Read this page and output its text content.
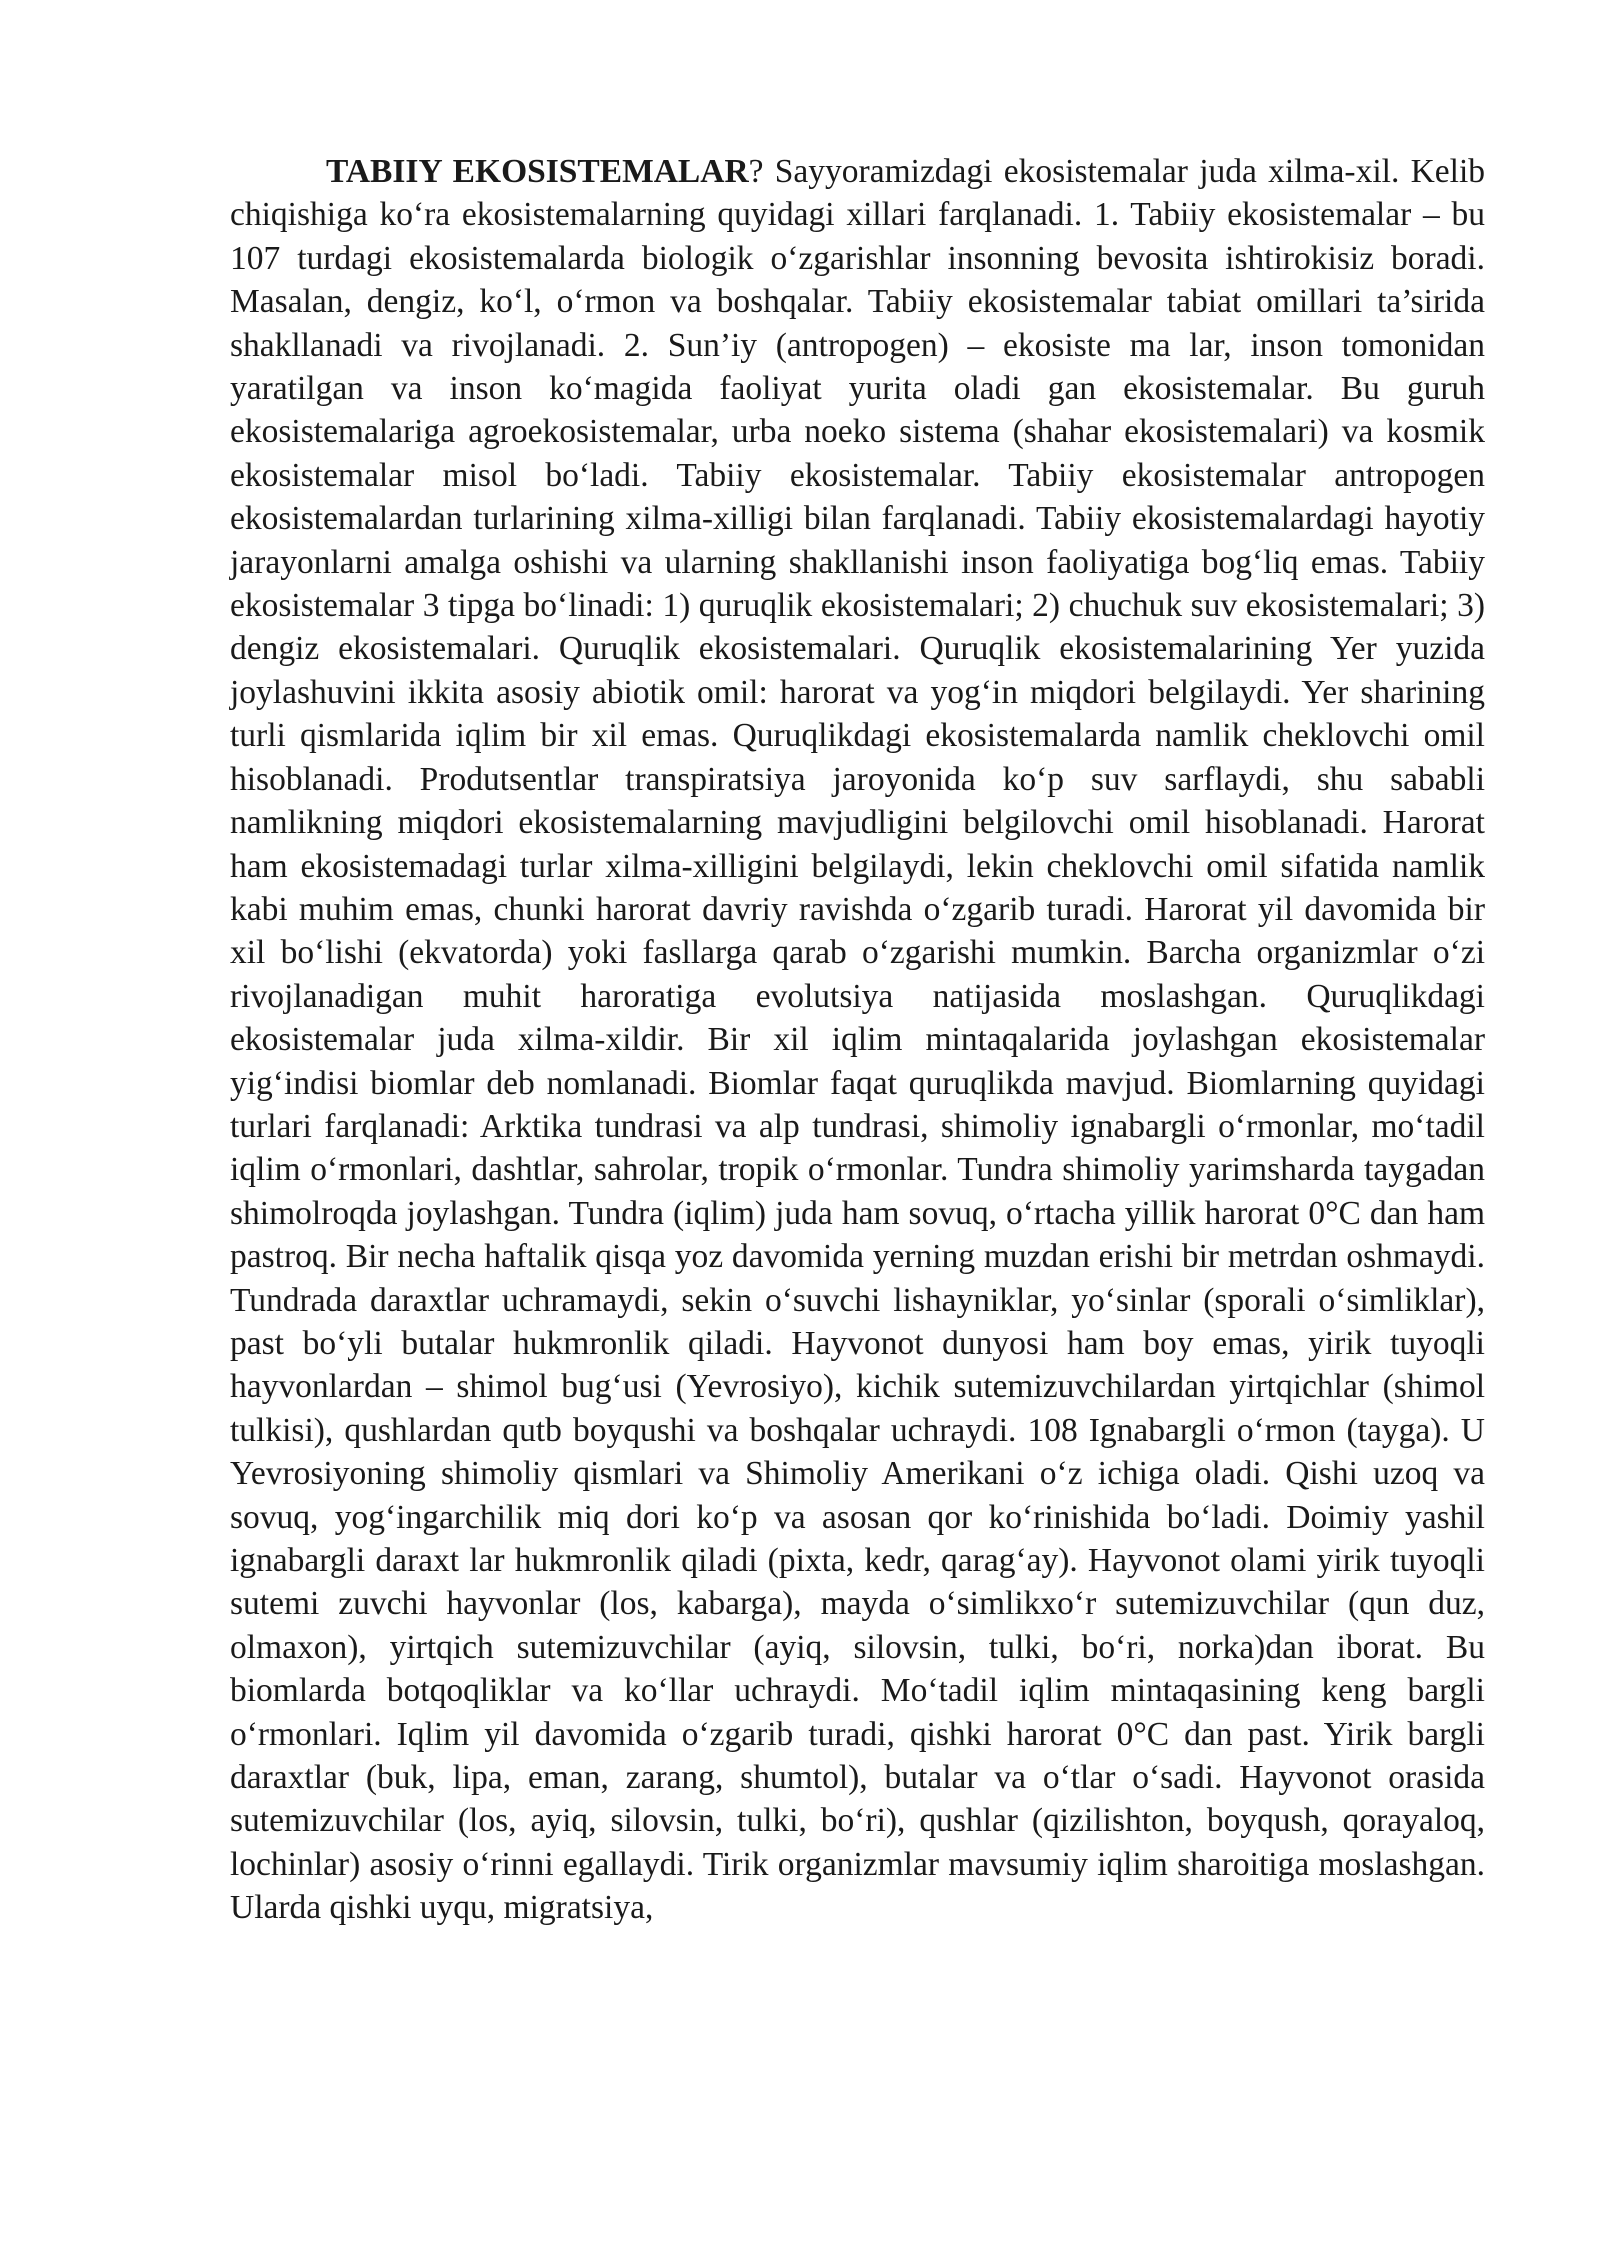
TABIIY EKOSISTEMALAR? Sayyoramizdagi ekosistemalar juda xilma-xil. Kelib chiqishiga ko‘ra ekosistemalarning quyidagi xillari farqlanadi. 1. Tabiiy ekosistemalar – bu 107 turdagi ekosistemalarda biologik o‘zgarishlar insonning bevosita ishtirokisiz boradi. Masalan, dengiz, ko‘l, o‘rmon va boshqalar. Tabiiy ekosistemalar tabiat omillari ta’sirida shakllanadi va rivojlanadi. 2. Sun’iy (antropogen) – ekosiste ma lar, inson tomonidan yaratilgan va inson ko‘magida faoliyat yurita oladi gan ekosistemalar. Bu guruh ekosistemalariga agroekosistemalar, urba noeko sistema (shahar ekosistemalari) va kosmik ekosistemalar misol bo‘ladi. Tabiiy ekosistemalar. Tabiiy ekosistemalar antropogen ekosistemalardan turlarining xilma-xilligi bilan farqlanadi. Tabiiy ekosistemalardagi hayotiy jarayonlarni amalga oshishi va ularning shakllanishi inson faoliyatiga bog‘liq emas. Tabiiy ekosistemalar 3 tipga bo‘linadi: 1) quruqlik ekosistemalari; 2) chuchuk suv ekosistemalari; 3) dengiz ekosistemalari. Quruqlik ekosistemalari. Quruqlik ekosistemalarining Yer yuzida joylashuvini ikkita asosiy abiotik omil: harorat va yog‘in miqdori belgilaydi. Yer sharining turli qismlarida iqlim bir xil emas. Quruqlikdagi ekosistemalarda namlik cheklovchi omil hisoblanadi. Produtsentlar transpiratsiya jaroyonida ko‘p suv sarflaydi, shu sababli namlikning miqdori ekosistemalarning mavjudligini belgilovchi omil hisoblanadi. Harorat ham ekosistemadagi turlar xilma-xilligini belgilaydi, lekin cheklovchi omil sifatida namlik kabi muhim emas, chunki harorat davriy ravishda o‘zgarib turadi. Harorat yil davomida bir xil bo‘lishi (ekvatorda) yoki fasllarga qarab o‘zgarishi mumkin. Barcha organizmlar o‘zi rivojlanadigan muhit haroratiga evolutsiya natijasida moslashgan. Quruqlikdagi ekosistemalar juda xilma-xildir. Bir xil iqlim mintaqalarida joylashgan ekosistemalar yig‘indisi biomlar deb nomlanadi. Biomlar faqat quruqlikda mavjud. Biomlarning quyidagi turlari farqlanadi: Arktika tundrasi va alp tundrasi, shimoliy ignabargli o‘rmonlar, mo‘tadil iqlim o‘rmonlari, dashtlar, sahrolar, tropik o‘rmonlar. Tundra shimoliy yarimsharda taygadan shimolroqda joylashgan. Tundra (iqlim) juda ham sovuq, o‘rtacha yillik harorat 0°C dan ham pastroq. Bir necha haftalik qisqa yoz davomida yerning muzdan erishi bir metrdan oshmaydi. Tundrada daraxtlar uchramaydi, sekin o‘suvchi lishayniklar, yo‘sinlar (sporali o‘simliklar), past bo‘yli butalar hukmronlik qiladi. Hayvonot dunyosi ham boy emas, yirik tuyoqli hayvonlardan – shimol bug‘usi (Yevrosiyo), kichik sutemizuvchilardan yirtqichlar (shimol tulkisi), qushlardan qutb boyqushi va boshqalar uchraydi. 108 Ignabargli o‘rmon (tayga). U Yevrosiyoning shimoliy qismlari va Shimoliy Amerikani o‘z ichiga oladi. Qishi uzoq va sovuq, yog‘ingarchilik miq dori ko‘p va asosan qor ko‘rinishida bo‘ladi. Doimiy yashil ignabargli daraxt lar hukmronlik qiladi (pixta, kedr, qarag‘ay). Hayvonot olami yirik tuyoqli sutemi zuvchi hayvonlar (los, kabarga), mayda o‘simlikxo‘r sutemizuvchilar (qun duz, olmaxon), yirtqich sutemizuvchilar (ayiq, silovsin, tulki, bo‘ri, norka)dan iborat. Bu biomlarda botqoqliklar va ko‘llar uchraydi. Mo‘tadil iqlim mintaqasining keng bargli o‘rmonlari. Iqlim yil davomida o‘zgarib turadi, qishki harorat 0°C dan past. Yirik bargli daraxtlar (buk, lipa, eman, zarang, shumtol), butalar va o‘tlar o‘sadi. Hayvonot orasida sutemizuvchilar (los, ayiq, silovsin, tulki, bo‘ri), qushlar (qizilishton, boyqush, qorayaloq, lochinlar) asosiy o‘rinni egallaydi. Tirik organizmlar mavsumiy iqlim sharoitiga moslashgan. Ularda qishki uyqu, migratsiya,
